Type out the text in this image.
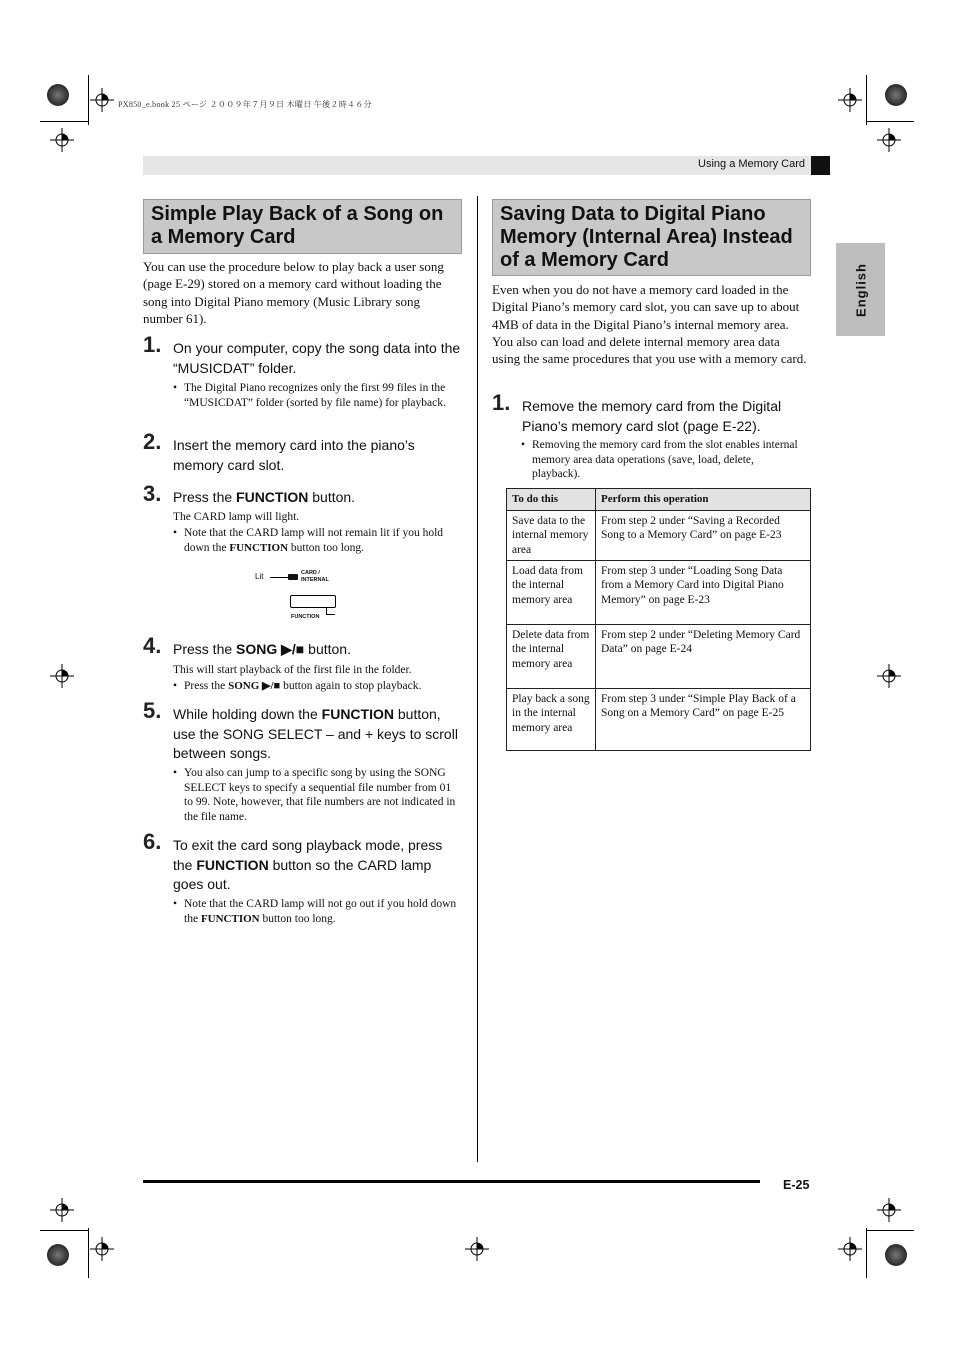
PX850_e.book 25 ページ ２００９年７月９日 木曜日 午後２時４６分
Using a Memory Card
English
Simple Play Back of a Song on a Memory Card
You can use the procedure below to play back a user song (page E-29) stored on a memory card without loading the song into Digital Piano memory (Music Library song number 61).
1. On your computer, copy the song data into the “MUSICDAT” folder.
• The Digital Piano recognizes only the first 99 files in the “MUSICDAT” folder (sorted by file name) for playback.
2. Insert the memory card into the piano’s memory card slot.
3. Press the FUNCTION button.
The CARD lamp will light.
• Note that the CARD lamp will not remain lit if you hold down the FUNCTION button too long.
Lit	CARD /
INTERNAL
FUNCTION
4. Press the SONG ▶/■ button.
This will start playback of the first file in the folder.
• Press the SONG ▶/■ button again to stop playback.
5. While holding down the FUNCTION button, use the SONG SELECT – and + keys to scroll between songs.
• You also can jump to a specific song by using the SONG SELECT keys to specify a sequential file number from 01 to 99. Note, however, that file numbers are not indicated in the file name.
6. To exit the card song playback mode, press the FUNCTION button so the CARD lamp goes out.
• Note that the CARD lamp will not go out if you hold down the FUNCTION button too long.
Saving Data to Digital Piano Memory (Internal Area) Instead of a Memory Card
Even when you do not have a memory card loaded in the Digital Piano’s memory card slot, you can save up to about 4MB of data in the Digital Piano’s internal memory area. You also can load and delete internal memory area data using the same procedures that you use with a memory card.
1. Remove the memory card from the Digital Piano’s memory card slot (page E-22).
• Removing the memory card from the slot enables internal memory area data operations (save, load, delete, playback).
To do this	Perform this operation
Save data to the internal memory area	From step 2 under “Saving a Recorded Song to a Memory Card” on page E-23
Load data from the internal memory area	From step 3 under “Loading Song Data from a Memory Card into Digital Piano Memory” on page E-23
Delete data from the internal memory area	From step 2 under “Deleting Memory Card Data” on page E-24
Play back a song in the internal memory area	From step 3 under “Simple Play Back of a Song on a Memory Card” on page E-25
E-25
